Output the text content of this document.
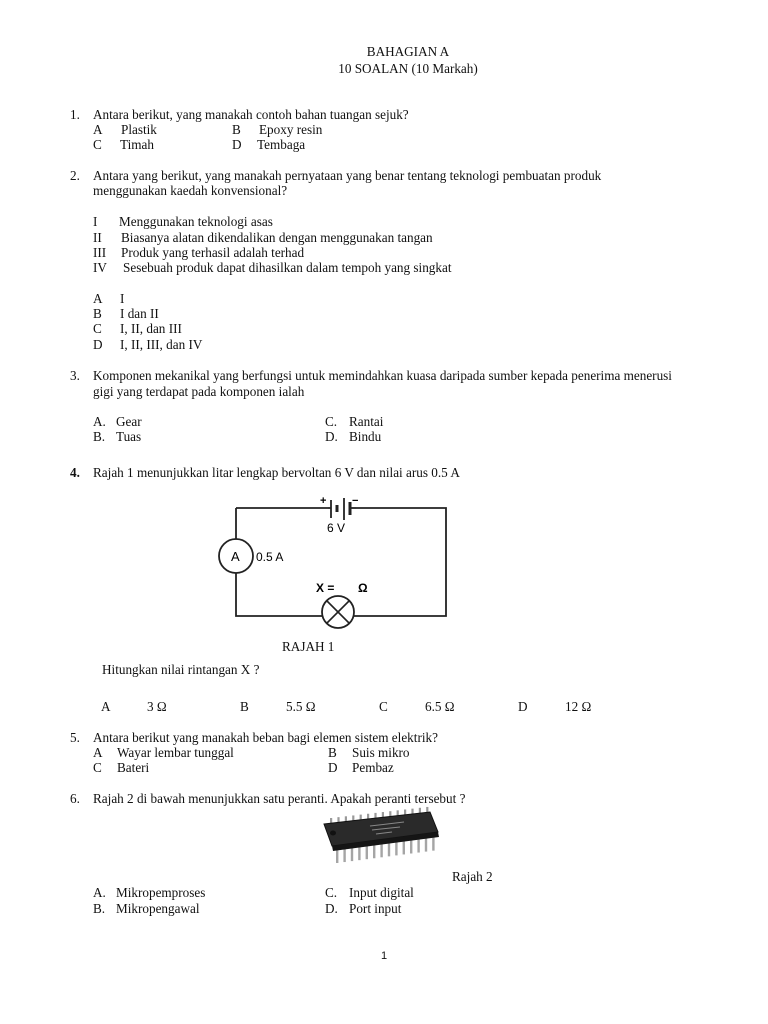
BAHAGIAN A
10 SOALAN (10 Markah)
1. Antara berikut, yang manakah contoh bahan tuangan sejuk?
A Plastik	B Epoxy resin
C Timah	D Tembaga
2. Antara yang berikut, yang manakah pernyataan yang benar tentang teknologi pembuatan produk
menggunakan kaedah konvensional?
I Menggunakan teknologi asas
II Biasanya alatan dikendalikan dengan menggunakan tangan
III Produk yang terhasil adalah terhad
IV Sesebuah produk dapat dihasilkan dalam tempoh yang singkat
A I
B I dan II
C I, II, dan III
D I, II, III, dan IV
3. Komponen mekanikal yang berfungsi untuk memindahkan kuasa daripada sumber kepada penerima menerusi
gigi yang terdapat pada komponen ialah
A. Gear	C. Rantai
B. Tuas	D. Bindu
4. Rajah 1 menunjukkan litar lengkap bervoltan 6 V dan nilai arus 0.5 A
+ −
6 V
A 0.5 A
X = Ω
RAJAH 1
Hitungkan nilai rintangan X ?
A	3 Ω	B	5.5 Ω	C	6.5 Ω	D	12 Ω
5. Antara berikut yang manakah beban bagi elemen sistem elektrik?
A Wayar lembar tunggal	B Suis mikro
C Bateri	D Pembaz
6. Rajah 2 di bawah menunjukkan satu peranti. Apakah peranti tersebut ?
Rajah 2
A. Mikropemproses	C. Input digital
B. Mikropengawal	D. Port input
1
